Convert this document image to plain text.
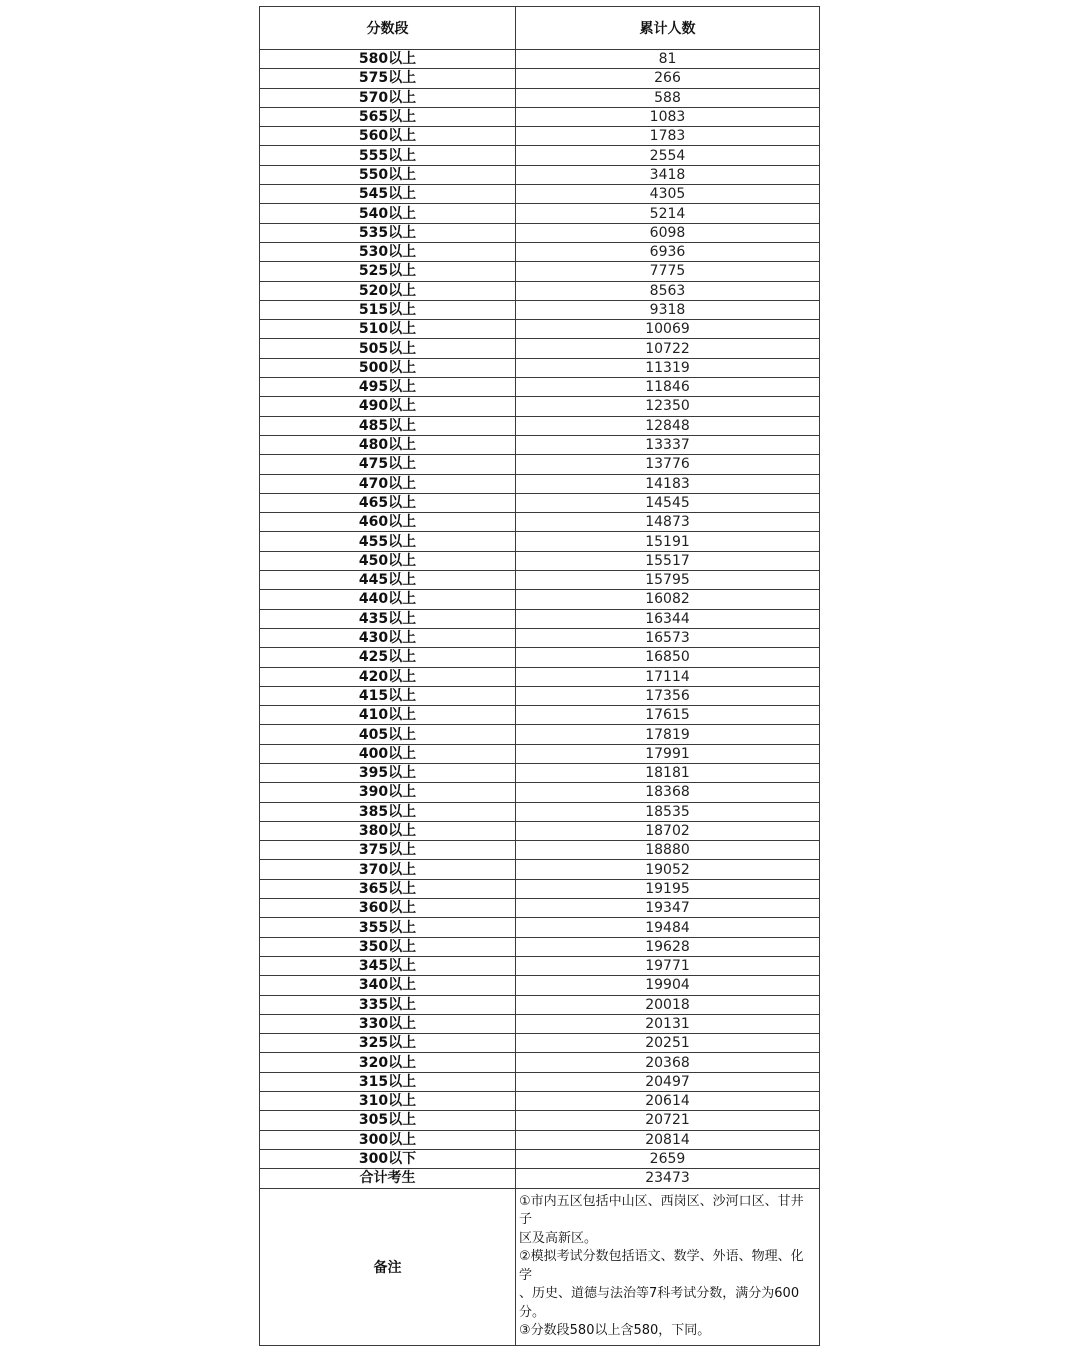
分数段	累计人数
580以上	81
575以上	266
570以上	588
565以上	1083
560以上	1783
555以上	2554
550以上	3418
545以上	4305
540以上	5214
535以上	6098
530以上	6936
525以上	7775
520以上	8563
515以上	9318
510以上	10069
505以上	10722
500以上	11319
495以上	11846
490以上	12350
485以上	12848
480以上	13337
475以上	13776
470以上	14183
465以上	14545
460以上	14873
455以上	15191
450以上	15517
445以上	15795
440以上	16082
435以上	16344
430以上	16573
425以上	16850
420以上	17114
415以上	17356
410以上	17615
405以上	17819
400以上	17991
395以上	18181
390以上	18368
385以上	18535
380以上	18702
375以上	18880
370以上	19052
365以上	19195
360以上	19347
355以上	19484
350以上	19628
345以上	19771
340以上	19904
335以上	20018
330以上	20131
325以上	20251
320以上	20368
315以上	20497
310以上	20614
305以上	20721
300以上	20814
300以下	2659
合计考生	23473
备注	①市内五区包括中山区、西岗区、沙河口区、甘井子
区及高新区。
②模拟考试分数包括语文、数学、外语、物理、化学
、历史、道德与法治等7科考试分数，满分为600分。
③分数段580以上含580，下同。
